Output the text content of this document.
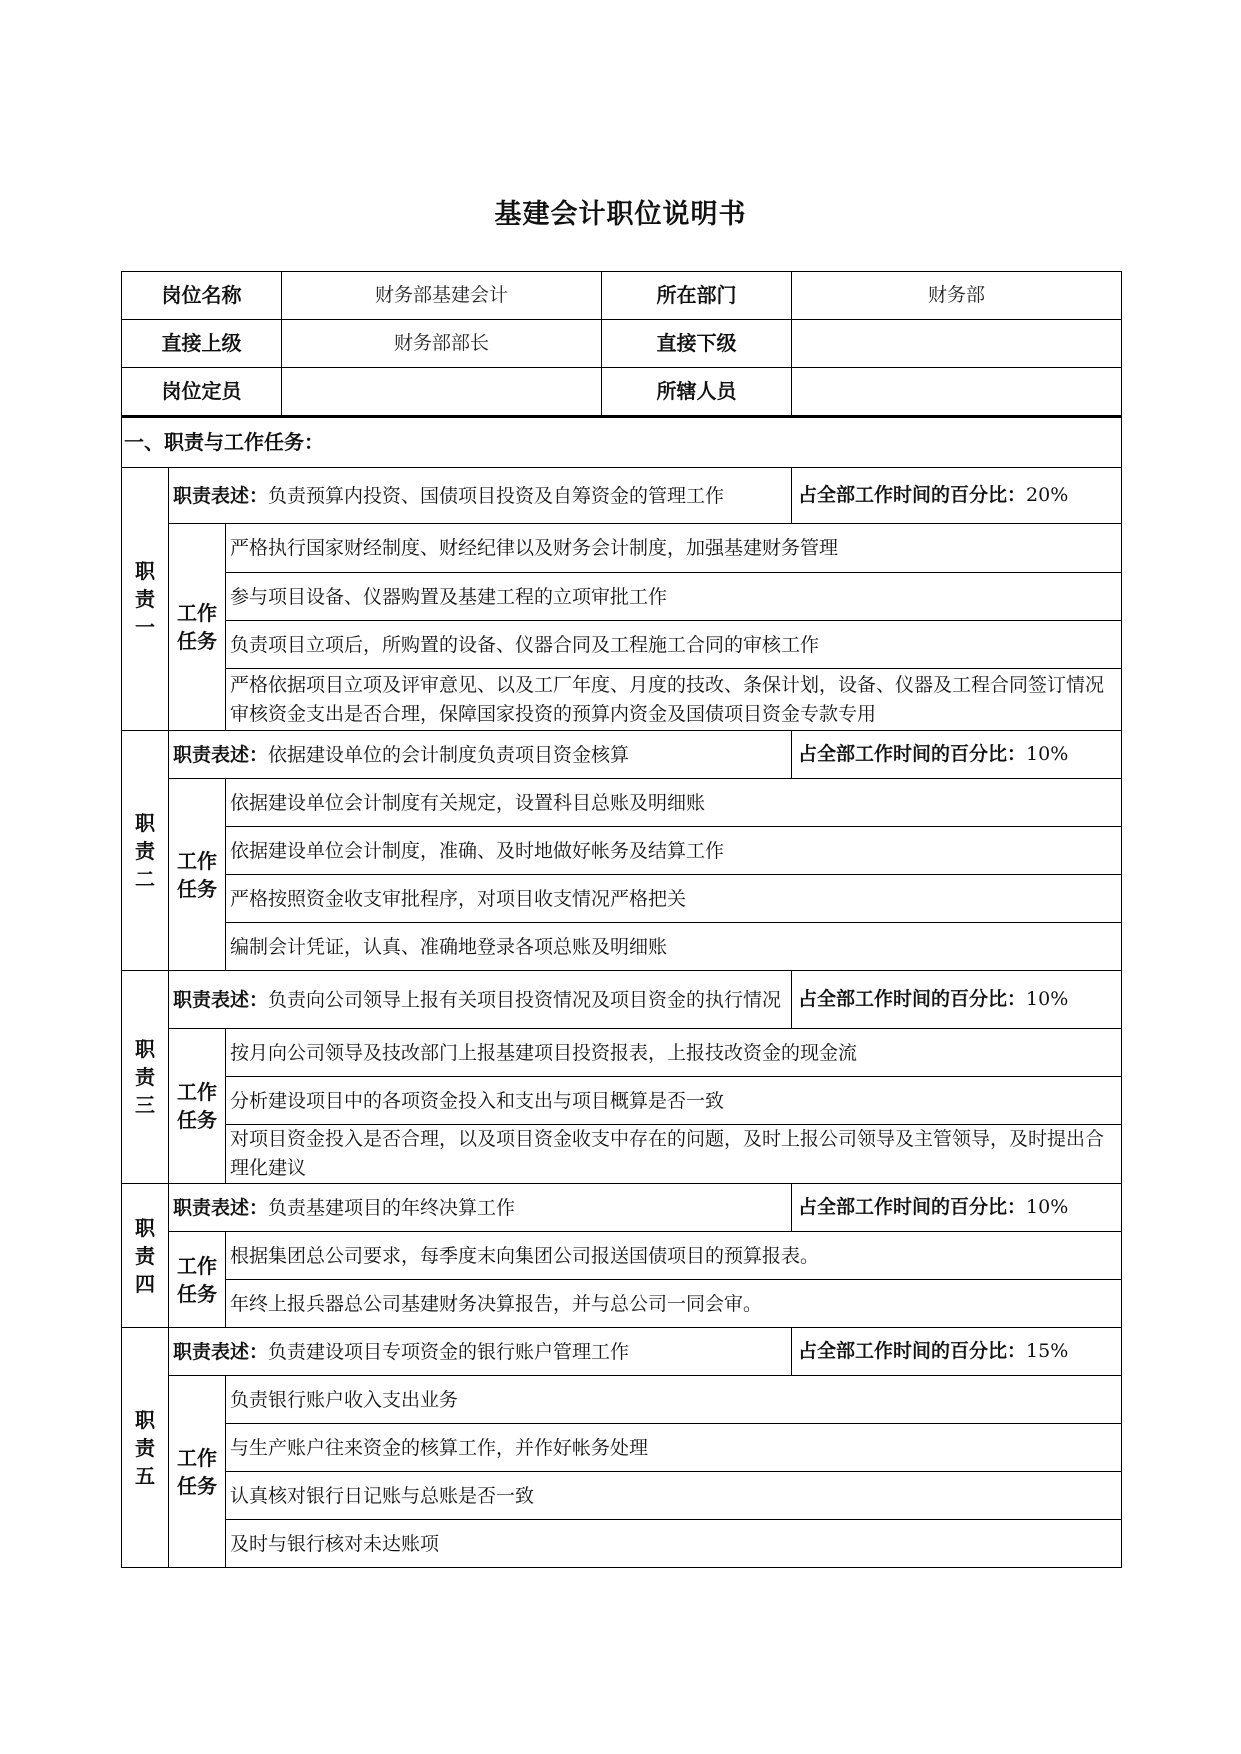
基建会计职位说明书
岗位名称	财务部基建会计	所在部门	财务部
直接上级	财务部部长	直接下级	
岗位定员		所辖人员	
一、职责与工作任务：			

职
责
一	职责表述：负责预算内投资、国债项目投资及自筹资金的管理工作		占全部工作时间的百分比：20%

	工作
任务	严格执行国家财经制度、财经纪律以及财务会计制度，加强基建财务管理	
		参与项目设备、仪器购置及基建工程的立项审批工作	
		负责项目立项后，所购置的设备、仪器合同及工程施工合同的审核工作	
		严格依据项目立项及评审意见、以及工厂年度、月度的技改、条保计划，设备、仪器及工程合同签订情况审核资金支出是否合理，保障国家投资的预算内资金及国债项目资金专款专用	

职
责
二	职责表述：依据建设单位的会计制度负责项目资金核算		占全部工作时间的百分比：10%

	工作
任务	依据建设单位会计制度有关规定，设置科目总账及明细账	
		依据建设单位会计制度，准确、及时地做好帐务及结算工作	
		严格按照资金收支审批程序，对项目收支情况严格把关	
		编制会计凭证，认真、准确地登录各项总账及明细账	

职
责
三	职责表述：负责向公司领导上报有关项目投资情况及项目资金的执行情况		占全部工作时间的百分比：10%

	工作
任务	按月向公司领导及技改部门上报基建项目投资报表，上报技改资金的现金流	
		分析建设项目中的各项资金投入和支出与项目概算是否一致	
		对项目资金投入是否合理，以及项目资金收支中存在的问题，及时上报公司领导及主管领导，及时提出合理化建议	

职
责
四	职责表述：负责基建项目的年终决算工作		占全部工作时间的百分比：10%

	工作
任务	根据集团总公司要求，每季度末向集团公司报送国债项目的预算报表。	
		年终上报兵器总公司基建财务决算报告，并与总公司一同会审。	

职
责
五	职责表述：负责建设项目专项资金的银行账户管理工作		占全部工作时间的百分比：15%

	工作
任务	负责银行账户收入支出业务	
		与生产账户往来资金的核算工作，并作好帐务处理	
		认真核对银行日记账与总账是否一致	
		及时与银行核对未达账项	
